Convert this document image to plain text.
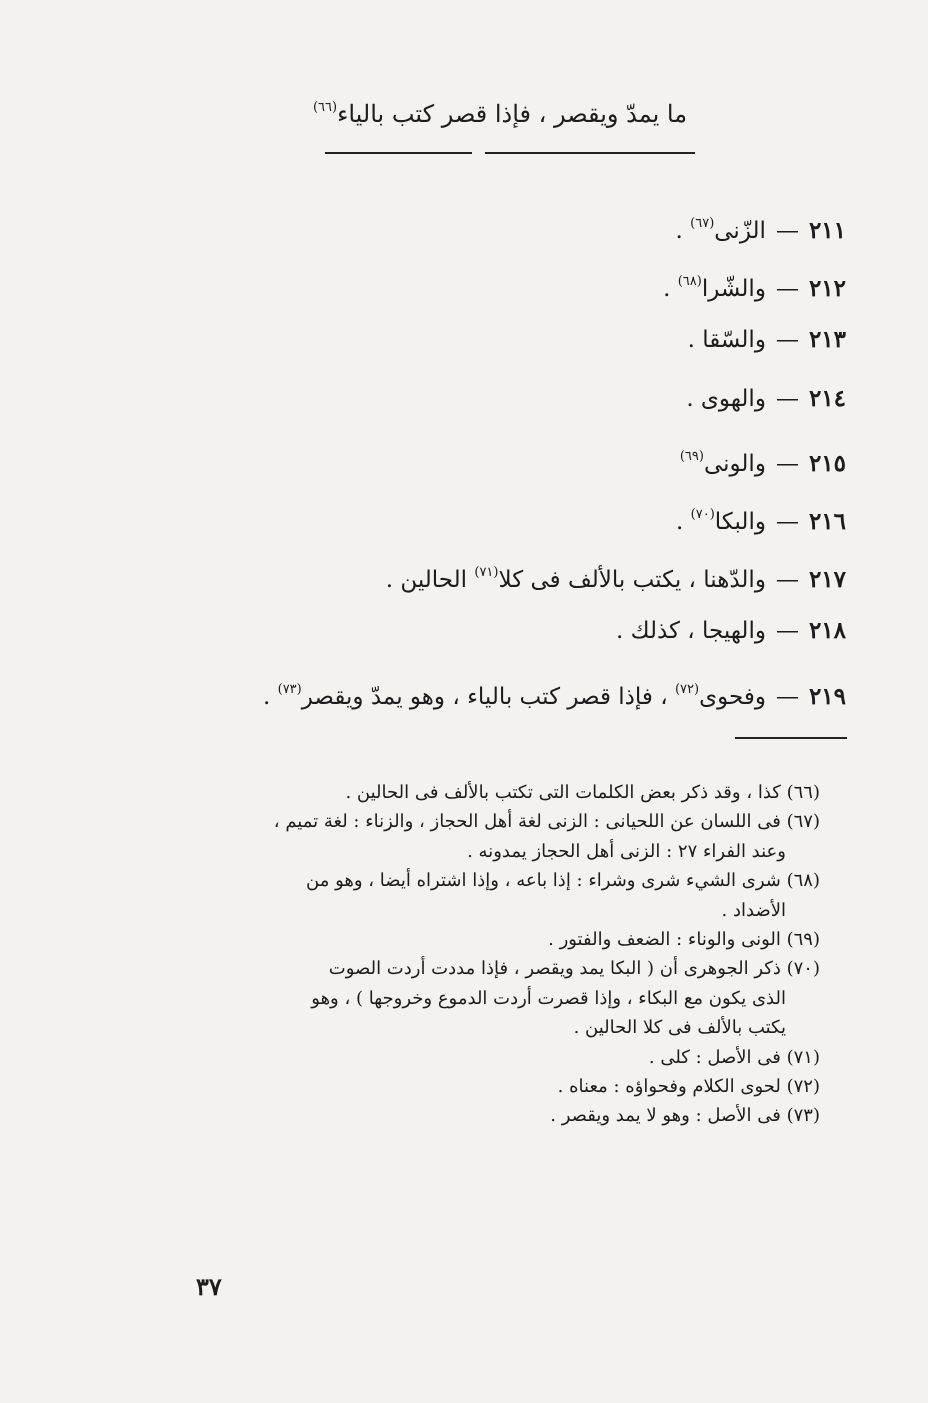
ما يمدّ ويقصر ، فإذا قصر كتب بالياء$^{(٦٦)}$
٢١١—الزّنى$^{(٦٧)}$ .
٢١٢—والشّرا$^{(٦٨)}$ .
٢١٣—والسّقا .
٢١٤—والهوى .
٢١٥—والونى$^{(٦٩)}$
٢١٦—والبكا$^{(٧٠)}$ .
٢١٧—والدّهنا ، يكتب بالألف فى كلا$^{(٧١)}$ الحالين .
٢١٨—والهيجا ، كذلك .
٢١٩—وفحوى$^{(٧٢)}$ ، فإذا قصر كتب بالياء ، وهو يمدّ ويقصر$^{(٧٣)}$ .
(٦٦) كذا ، وقد ذكر بعض الكلمات التى تكتب بالألف فى الحالين .
(٦٧) فى اللسان عن اللحيانى : الزنى لغة أهل الحجاز ، والزناء : لغة تميم ،
وعند الفراء ٢٧ : الزنى أهل الحجاز يمدونه .
(٦٨) شرى الشيء شرى وشراء : إذا باعه ، وإذا اشتراه أيضا ، وهو من
الأضداد .
(٦٩) الونى والوناء : الضعف والفتور .
(٧٠) ذكر الجوهرى أن ( البكا يمد ويقصر ، فإذا مددت أردت الصوت
الذى يكون مع البكاء ، وإذا قصرت أردت الدموع وخروجها ) ، وهو
يكتب بالألف فى كلا الحالين .
(٧١) فى الأصل : كلى .
(٧٢) لحوى الكلام وفحواؤه : معناه .
(٧٣) فى الأصل : وهو لا يمد ويقصر .
٣٧
